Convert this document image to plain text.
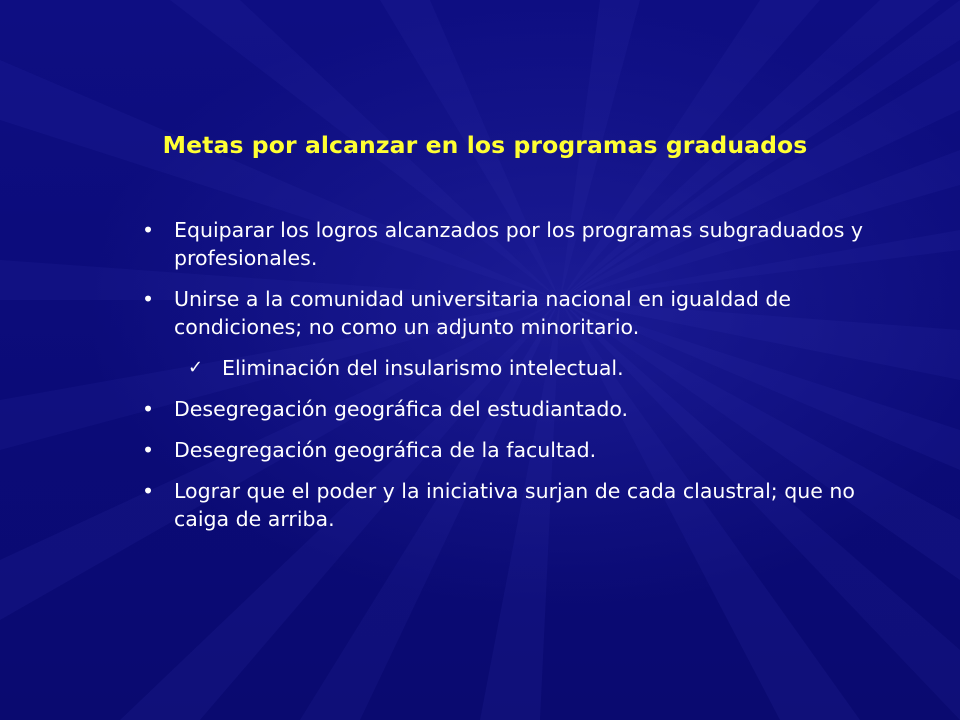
Metas por alcanzar en los programas graduados
• Equiparar los logros alcanzados por los programas subgraduados y profesionales.
• Unirse a la comunidad universitaria nacional en igualdad de condiciones; no como un adjunto minoritario.
✓ Eliminación del insularismo intelectual.
• Desegregación geográfica del estudiantado.
• Desegregación geográfica de la facultad.
• Lograr que el poder y la iniciativa surjan de cada claustral; que no caiga de arriba.
